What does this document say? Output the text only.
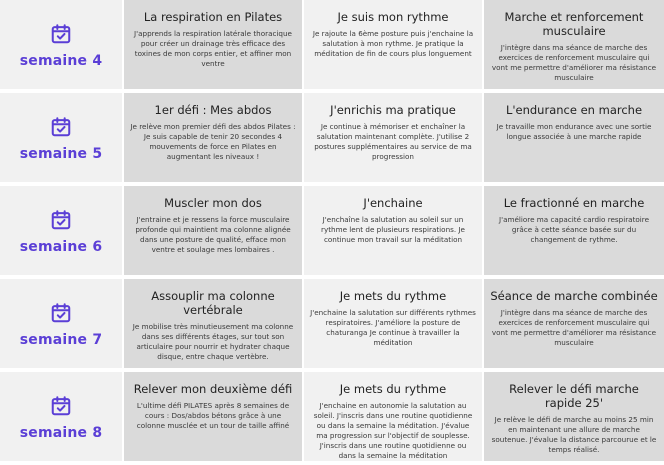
semaine 4
La respiration en Pilates
J'apprends la respiration latérale thoracique pour créer un drainage très efficace des toxines de mon corps entier, et affiner mon ventre
Je suis mon rythme
Je rajoute la 6ème posture puis j'enchaine la salutation à mon rythme. Je pratique la méditation de fin de cours plus longuement
Marche et renforcement musculaire
J'intègre dans ma séance de marche des exercices de renforcement musculaire qui vont me permettre d'améliorer ma résistance musculaire
semaine 5
1er défi : Mes abdos
Je relève mon premier défi des abdos Pilates : Je suis capable de tenir 20 secondes 4 mouvements de force en Pilates en augmentant les niveaux !
J'enrichis ma pratique
Je continue à mémoriser et enchaîner la salutation maintenant complète. J'utilise 2 postures supplémentaires au service de ma progression
L'endurance en marche
Je travaille mon endurance avec une sortie longue associée à une marche rapide
semaine 6
Muscler mon dos
J'entraine et je ressens la force musculaire profonde qui maintient ma colonne alignée dans une posture de qualité, efface mon ventre et soulage mes lombaires .
J'enchaine
J'enchaîne la salutation au soleil sur un rythme lent de plusieurs respirations. Je continue mon travail sur la méditation
Le fractionné en marche
J'améliore ma capacité cardio respiratoire grâce à cette séance basée sur du changement de rythme.
semaine 7
Assouplir ma colonne vertébrale
Je mobilise très minutieusement ma colonne dans ses différents étages, sur tout son articulaire pour nourrir et hydrater chaque disque, entre chaque vertèbre.
Je mets du rythme
J'enchaine la salutation sur différents rythmes respiratoires. J'améliore la posture de chaturanga Je continue à travailler la méditation
Séance de marche combinée
J'intègre dans ma séance de marche des exercices de renforcement musculaire qui vont me permettre d'améliorer ma résistance musculaire
semaine 8
Relever mon deuxième défi
L'ultime défi PILATES après 8 semaines de cours : Dos/abdos bétons grâce à une colonne musclée et un tour de taille affiné
Je mets du rythme
J'enchaine en autonomie la salutation au soleil. J'inscris dans une routine quotidienne ou dans la semaine la méditation. J'évalue ma progression sur l'objectif de souplesse. J'inscris dans une routine quotidienne ou dans la semaine la méditation
Relever le défi marche rapide 25'
Je relève le défi de marche au moins 25 min en maintenant une allure de marche soutenue. J'évalue la distance parcourue et le temps réalisé.
